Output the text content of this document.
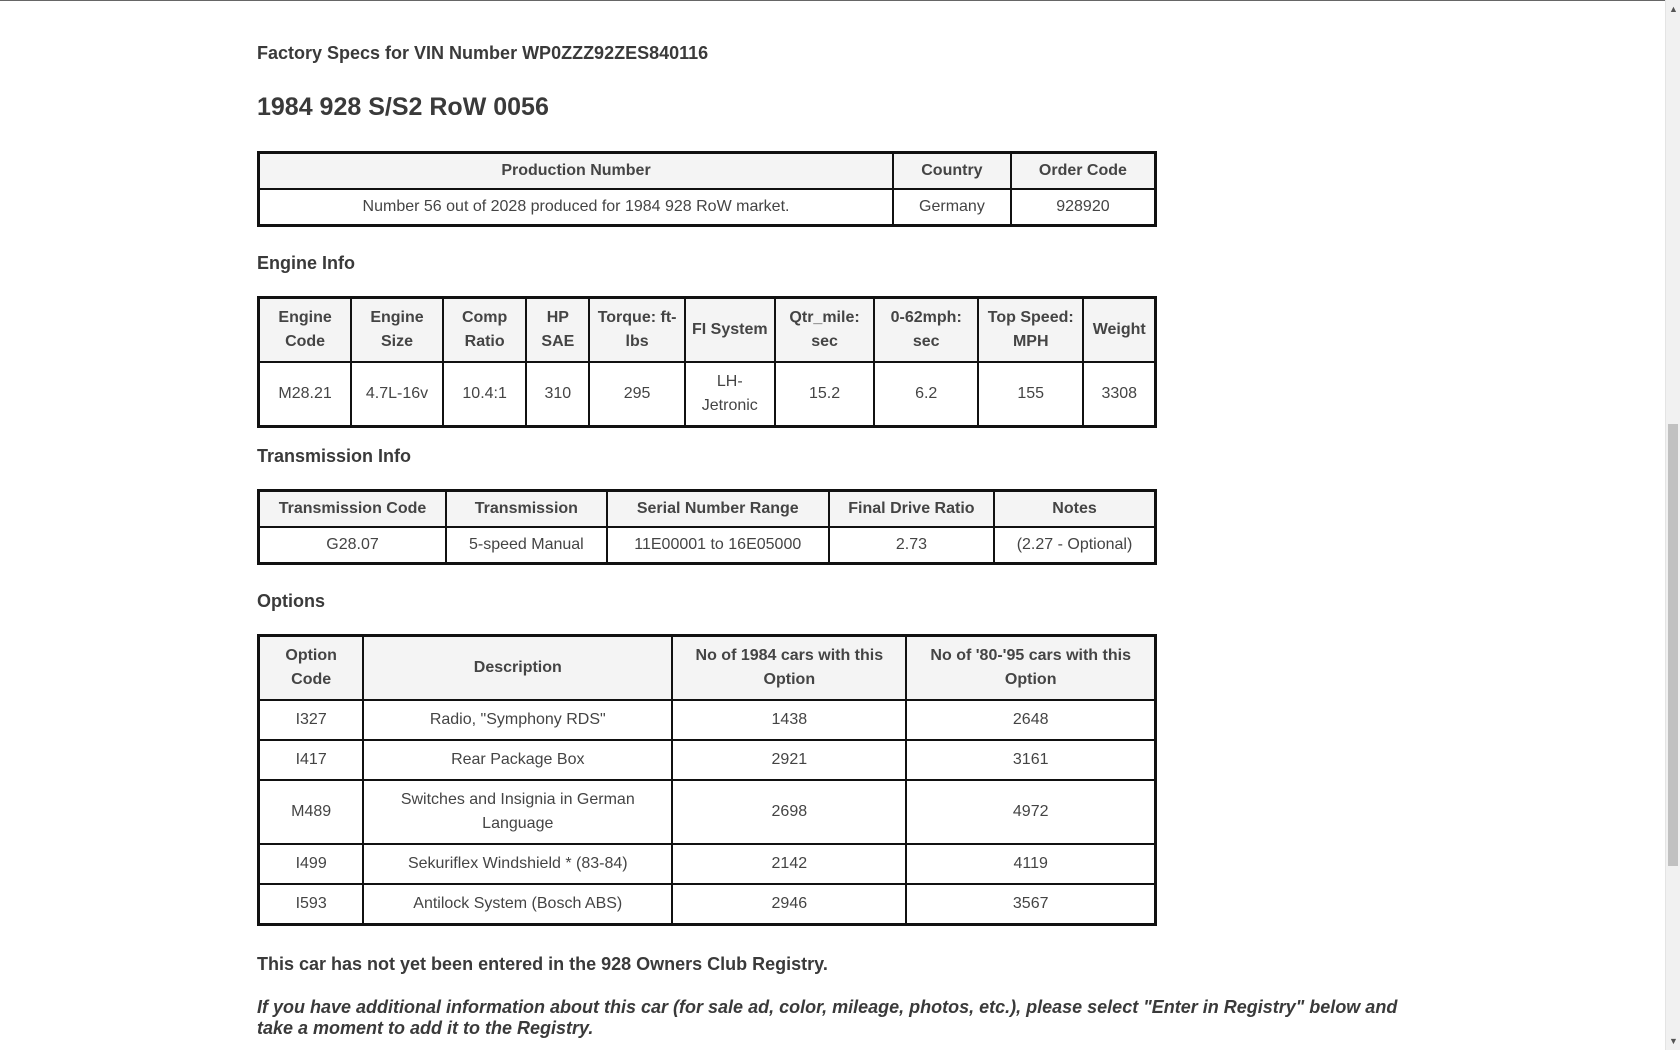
Factory Specs for VIN Number WP0ZZZ92ZES840116
1984 928 S/S2 RoW 0056
Production Number	Country	Order Code
Number 56 out of 2028 produced for 1984 928 RoW market.	Germany	928920
Engine Info
Engine Code	Engine Size	Comp Ratio	HP SAE	Torque: ft-lbs	FI System	Qtr_mile: sec	0-62mph: sec	Top Speed: MPH	Weight
M28.21	4.7L-16v	10.4:1	310	295	LH-Jetronic	15.2	6.2	155	3308
Transmission Info
Transmission Code	Transmission	Serial Number Range	Final Drive Ratio	Notes
G28.07	5-speed Manual	11E00001 to 16E05000	2.73	(2.27 - Optional)
Options
Option Code	Description	No of 1984 cars with this Option	No of '80-'95 cars with this Option
I327	Radio, "Symphony RDS"	1438	2648
I417	Rear Package Box	2921	3161
M489	Switches and Insignia in German Language	2698	4972
I499	Sekuriflex Windshield * (83-84)	2142	4119
I593	Antilock System (Bosch ABS)	2946	3567
This car has not yet been entered in the 928 Owners Club Registry.
If you have additional information about this car (for sale ad, color, mileage, photos, etc.), please select "Enter in Registry" below and take a moment to add it to the Registry.
▲
▼
